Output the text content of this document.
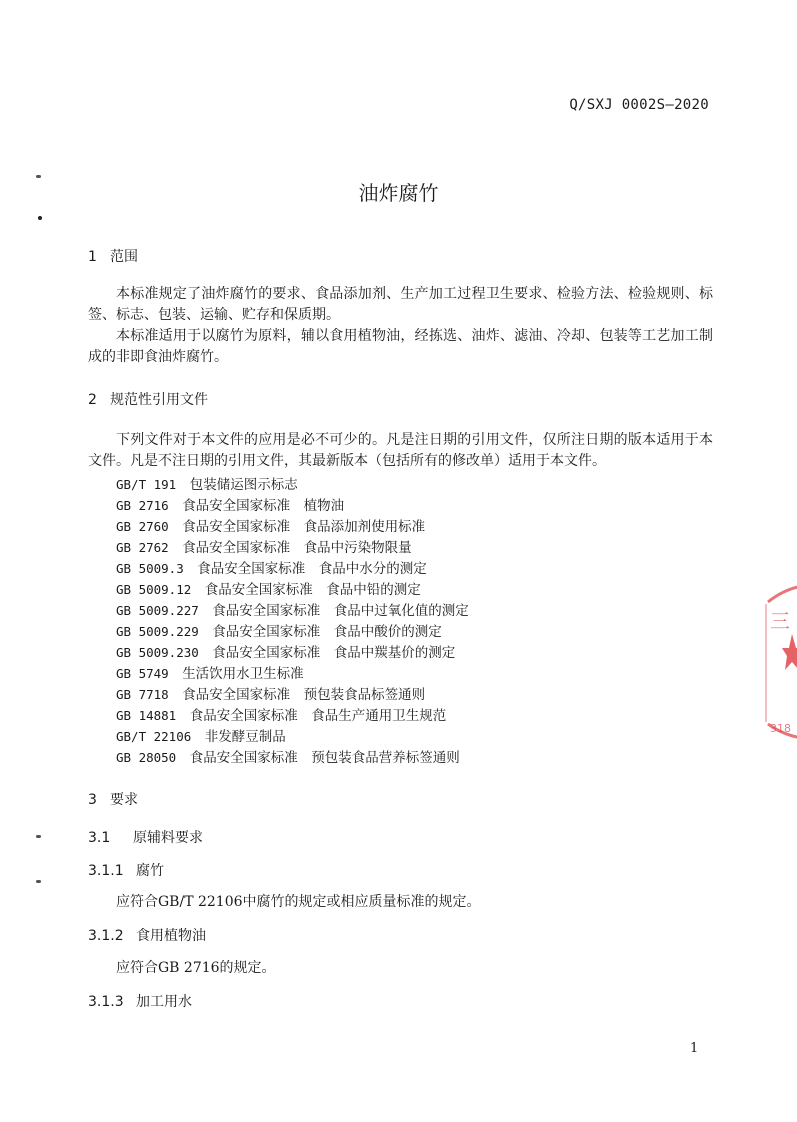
Q/SXJ 0002S—2020
油炸腐竹
1 范围
本标准规定了油炸腐竹的要求、食品添加剂、生产加工过程卫生要求、检验方法、检验规则、标签、标志、包装、运输、贮存和保质期。
本标准适用于以腐竹为原料，辅以食用植物油，经拣选、油炸、滤油、冷却、包装等工艺加工制成的非即食油炸腐竹。
2 规范性引用文件
下列文件对于本文件的应用是必不可少的。凡是注日期的引用文件，仅所注日期的版本适用于本文件。凡是不注日期的引用文件，其最新版本（包括所有的修改单）适用于本文件。
GB/T 191　 包装储运图示标志
GB 2716　 食品安全国家标准　植物油
GB 2760　 食品安全国家标准　食品添加剂使用标准
GB 2762　 食品安全国家标准　食品中污染物限量
GB 5009.3　 食品安全国家标准　食品中水分的测定
GB 5009.12　 食品安全国家标准　食品中铅的测定
GB 5009.227　 食品安全国家标准　食品中过氧化值的测定
GB 5009.229　 食品安全国家标准　食品中酸价的测定
GB 5009.230　 食品安全国家标准　食品中羰基价的测定
GB 5749　 生活饮用水卫生标准
GB 7718　 食品安全国家标准　预包装食品标签通则
GB 14881　 食品安全国家标准　食品生产通用卫生规范
GB/T 22106　 非发酵豆制品
GB 28050　 食品安全国家标准　预包装食品营养标签通则
3 要求
3.1 原辅料要求
3.1.1 腐竹
应符合GB/T 22106中腐竹的规定或相应质量标准的规定。
3.1.2 食用植物油
应符合GB 2716的规定。
3.1.3 加工用水
三
318
1
